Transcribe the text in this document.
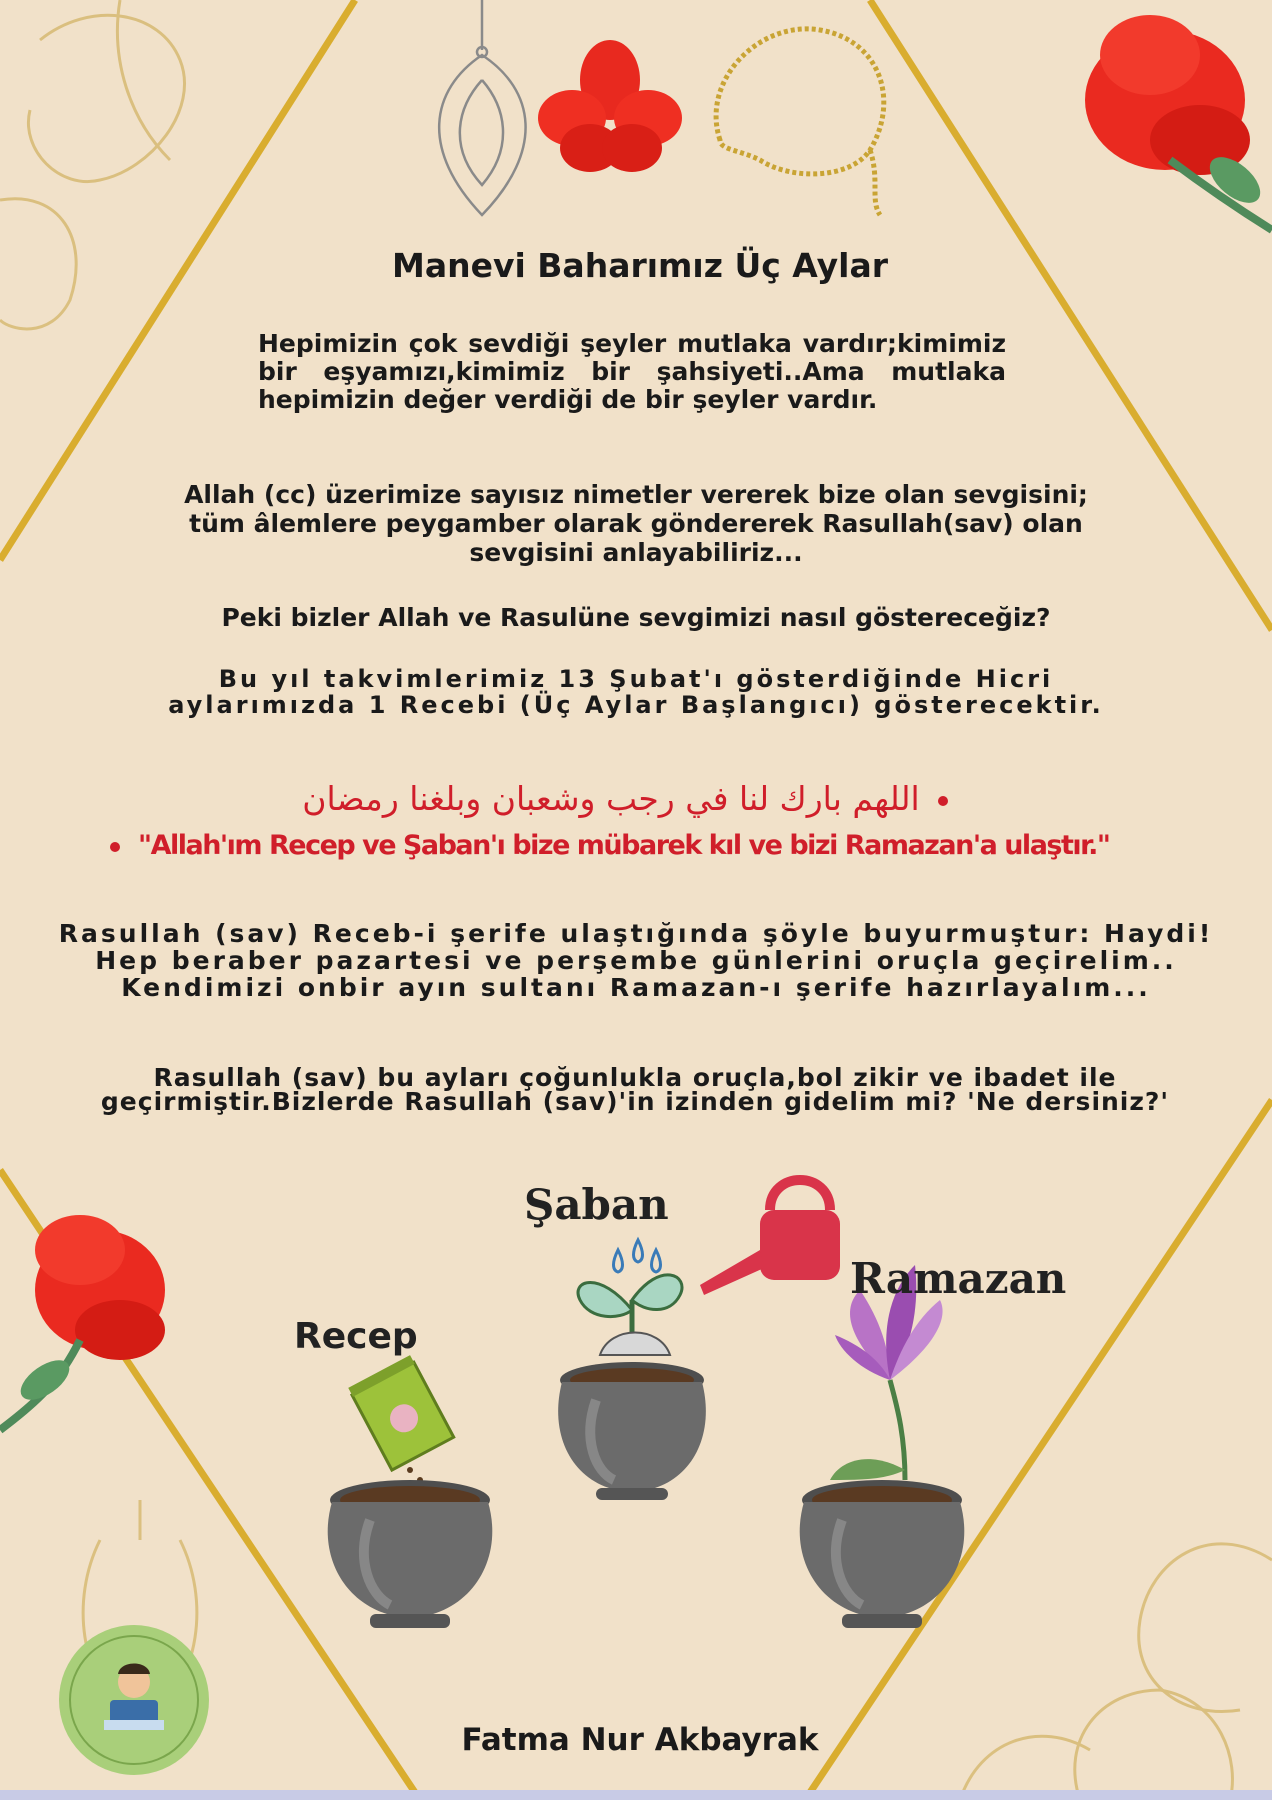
Manevi Baharımız Üç Aylar

Hepimizin çok sevdiği şeyler mutlaka vardır;kimimiz bir eşyamızı,kimimiz bir şahsiyeti..Ama mutlaka hepimizin değer verdiği de bir şeyler vardır.

Allah (cc) üzerimize sayısız nimetler vererek bize olan sevgisini; tüm âlemlere peygamber olarak göndererek Rasullah(sav) olan sevgisini anlayabiliriz...

Peki bizler Allah ve Rasulüne sevgimizi nasıl göstereceğiz?

Bu yıl takvimlerimiz 13 Şubat'ı gösterdiğinde Hicri aylarımızda 1 Recebi (Üç Aylar Başlangıcı) gösterecektir.

اللهم بارك لنا في رجب وشعبان وبلغنا رمضان
"Allah'ım Recep ve Şaban'ı bize mübarek kıl ve bizi Ramazan'a ulaştır."

Rasullah (sav) Receb-i şerife ulaştığında şöyle buyurmuştur: Haydi! Hep beraber pazartesi ve perşembe günlerini oruçla geçirelim.. Kendimizi onbir ayın sultanı Ramazan-ı şerife hazırlayalım...

Rasullah (sav) bu ayları çoğunlukla oruçla,bol zikir ve ibadet ile geçirmiştir.Bizlerde Rasullah (sav)'in izinden gidelim mi? 'Ne dersiniz?'

Şaban
Ramazan
Recep
Fatma Nur Akbayrak
